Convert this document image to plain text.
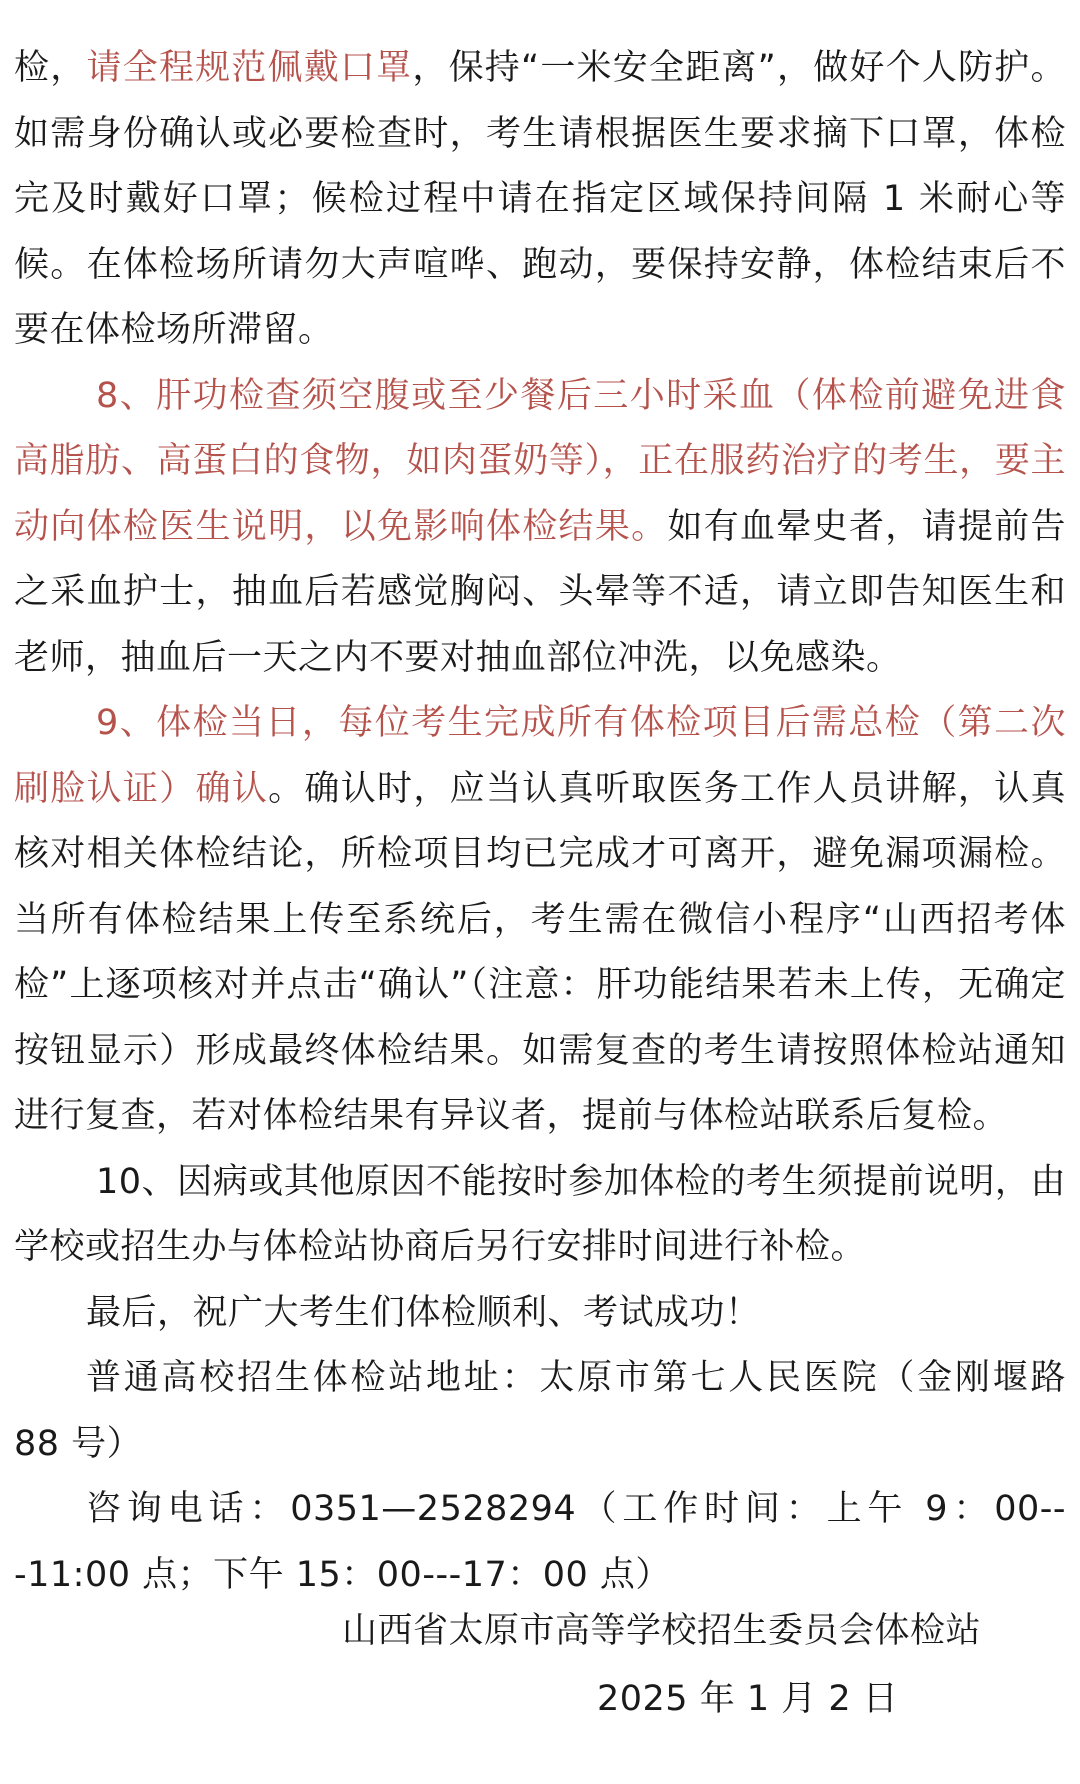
检，请全程规范佩戴口罩，保持“一米安全距离”，做好个人防护。如需身份确认或必要检查时，考生请根据医生要求摘下口罩，体检完及时戴好口罩；候检过程中请在指定区域保持间隔 1 米耐心等候。在体检场所请勿大声喧哗、跑动，要保持安静，体检结束后不要在体检场所滞留。

8、肝功检查须空腹或至少餐后三小时采血（体检前避免进食高脂肪、高蛋白的食物，如肉蛋奶等），正在服药治疗的考生，要主动向体检医生说明，以免影响体检结果。如有血晕史者，请提前告之采血护士，抽血后若感觉胸闷、头晕等不适，请立即告知医生和老师，抽血后一天之内不要对抽血部位冲洗，以免感染。

9、体检当日，每位考生完成所有体检项目后需总检（第二次刷脸认证）确认。确认时，应当认真听取医务工作人员讲解，认真核对相关体检结论，所检项目均已完成才可离开，避免漏项漏检。当所有体检结果上传至系统后，考生需在微信小程序“山西招考体检”上逐项核对并点击“确认”（注意：肝功能结果若未上传，无确定按钮显示）形成最终体检结果。如需复查的考生请按照体检站通知进行复查，若对体检结果有异议者，提前与体检站联系后复检。

10、因病或其他原因不能按时参加体检的考生须提前说明，由学校或招生办与体检站协商后另行安排时间进行补检。

最后，祝广大考生们体检顺利、考试成功！

普通高校招生体检站地址：太原市第七人民医院（金刚堰路 88 号）

咨询电话：0351—2528294（工作时间：上午 9：00---11:00 点；下午 15：00---17：00 点）

山西省太原市高等学校招生委员会体检站
2025 年 1 月 2 日
